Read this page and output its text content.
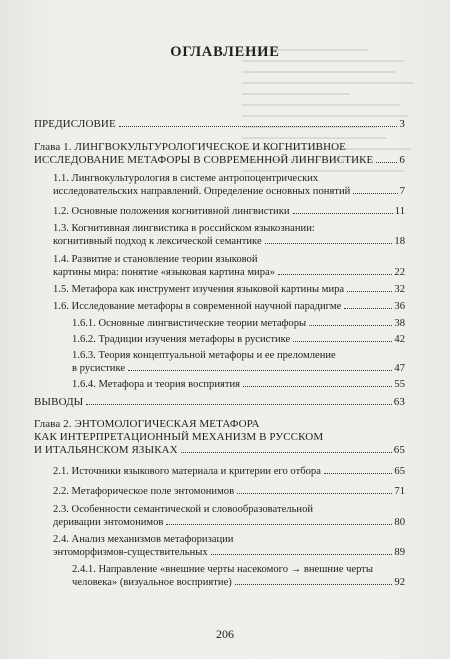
ОГЛАВЛЕНИЕ
ПРЕДИСЛОВИЕ	3
Глава 1. ЛИНГВОКУЛЬТУРОЛОГИЧЕСКОЕ И КОГНИТИВНОЕ
ИССЛЕДОВАНИЕ МЕТАФОРЫ В СОВРЕМЕННОЙ ЛИНГВИСТИКЕ 6
1.1. Лингвокультурология в системе антропоцентрических
исследовательских направлений. Определение основных понятий	7
1.2. Основные положения когнитивной лингвистики	11
1.3. Когнитивная лингвистика в российском языкознании:
когнитивный подход к лексической семантике	18
1.4. Развитие и становление теории языковой
картины мира: понятие «языковая картина мира»	22
1.5. Метафора как инструмент изучения языковой картины мира	32
1.6. Исследование метафоры в современной научной парадигме	36
1.6.1. Основные лингвистические теории метафоры	38
1.6.2. Традиции изучения метафоры в русистике	42
1.6.3. Теория концептуальной метафоры и ее преломление
в русистике	47
1.6.4. Метафора и теория восприятия	55
ВЫВОДЫ	63
Глава 2. ЭНТОМОЛОГИЧЕСКАЯ МЕТАФОРА
КАК ИНТЕРПРЕТАЦИОННЫЙ МЕХАНИЗМ В РУССКОМ
И ИТАЛЬЯНСКОМ ЯЗЫКАХ	65
2.1. Источники языкового материала и критерии его отбора	65
2.2. Метафорическое поле энтомонимов	71
2.3. Особенности семантической и словообразовательной
деривации энтомонимов	80
2.4. Анализ механизмов метафоризации
энтоморфизмов-существительных	89
2.4.1. Направление «внешние черты насекомого → внешние черты
человека» (визуальное восприятие)	92
206
